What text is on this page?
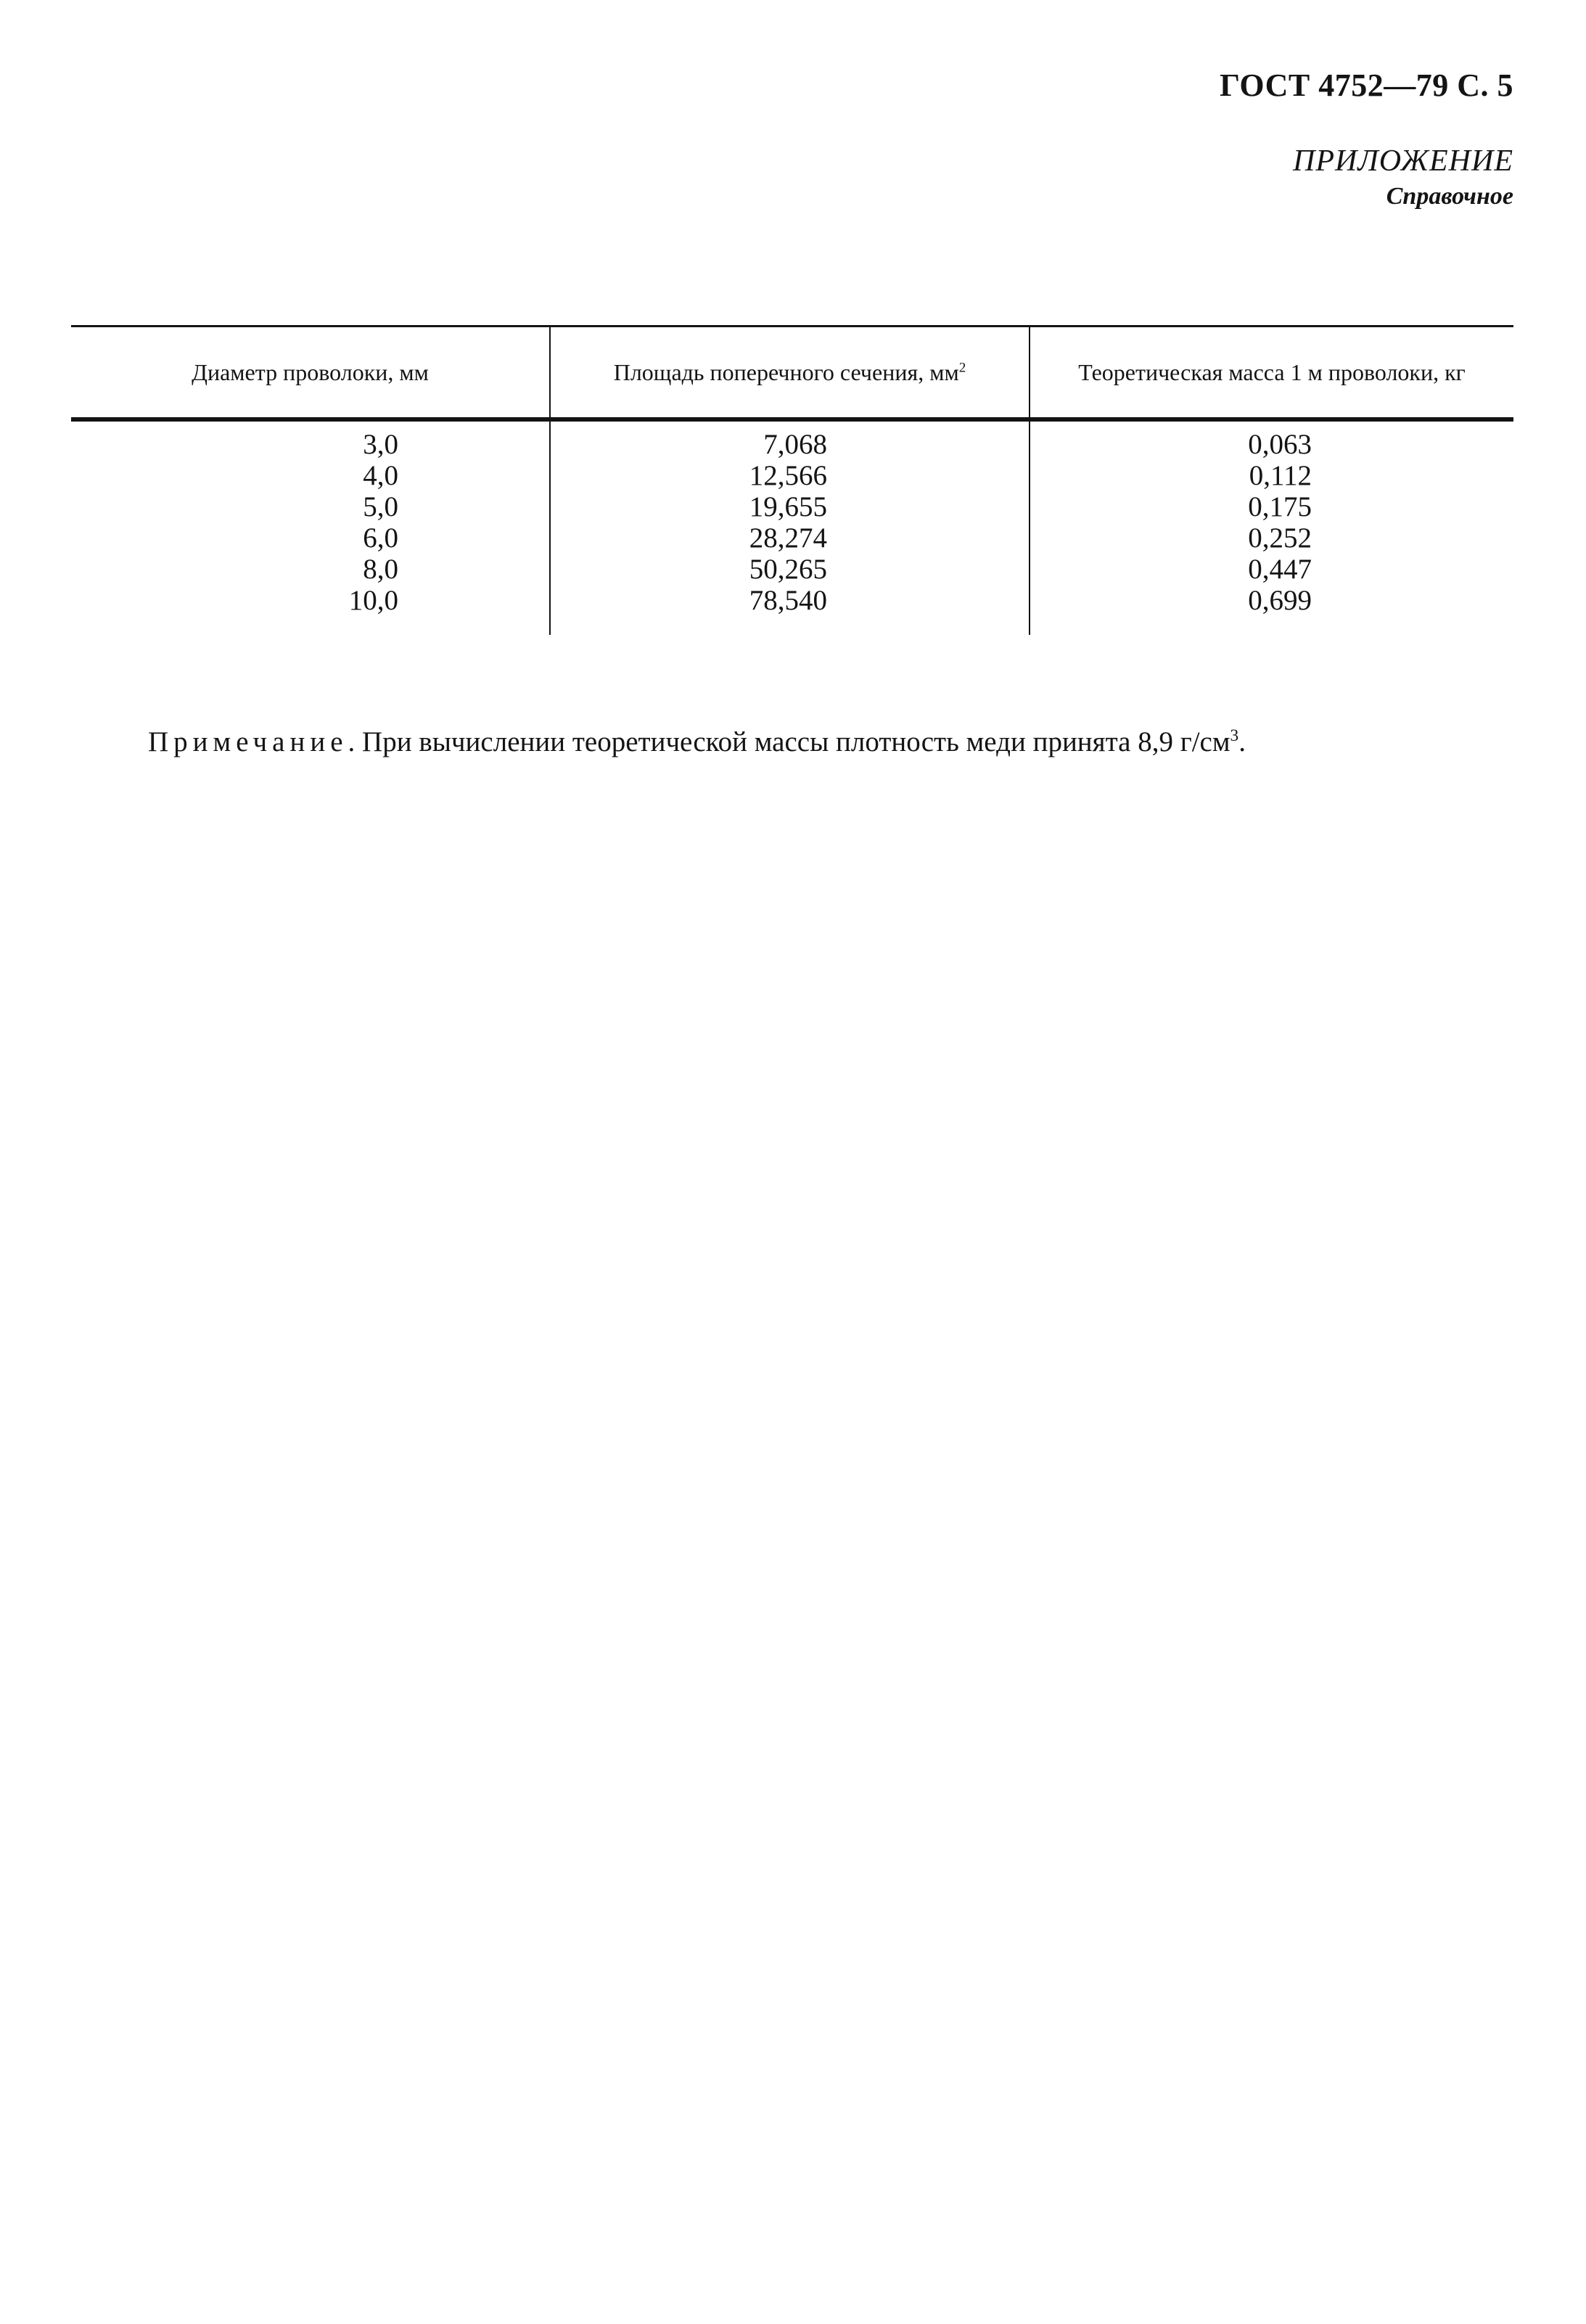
ГОСТ 4752—79 С. 5
ПРИЛОЖЕНИЕ
Справочное
Диаметр проволоки, мм	Площадь поперечного сечения, $мм^2$	Теоретическая масса 1 м проволоки, кг

3,0	7,068	0,063
4,0	12,566	0,112
5,0	19,655	0,175
6,0	28,274	0,252
8,0	50,265	0,447
10,0	78,540	0,699
Примечание. При вычислении теоретической массы плотность меди принята 8,9 $г/см^3$.
